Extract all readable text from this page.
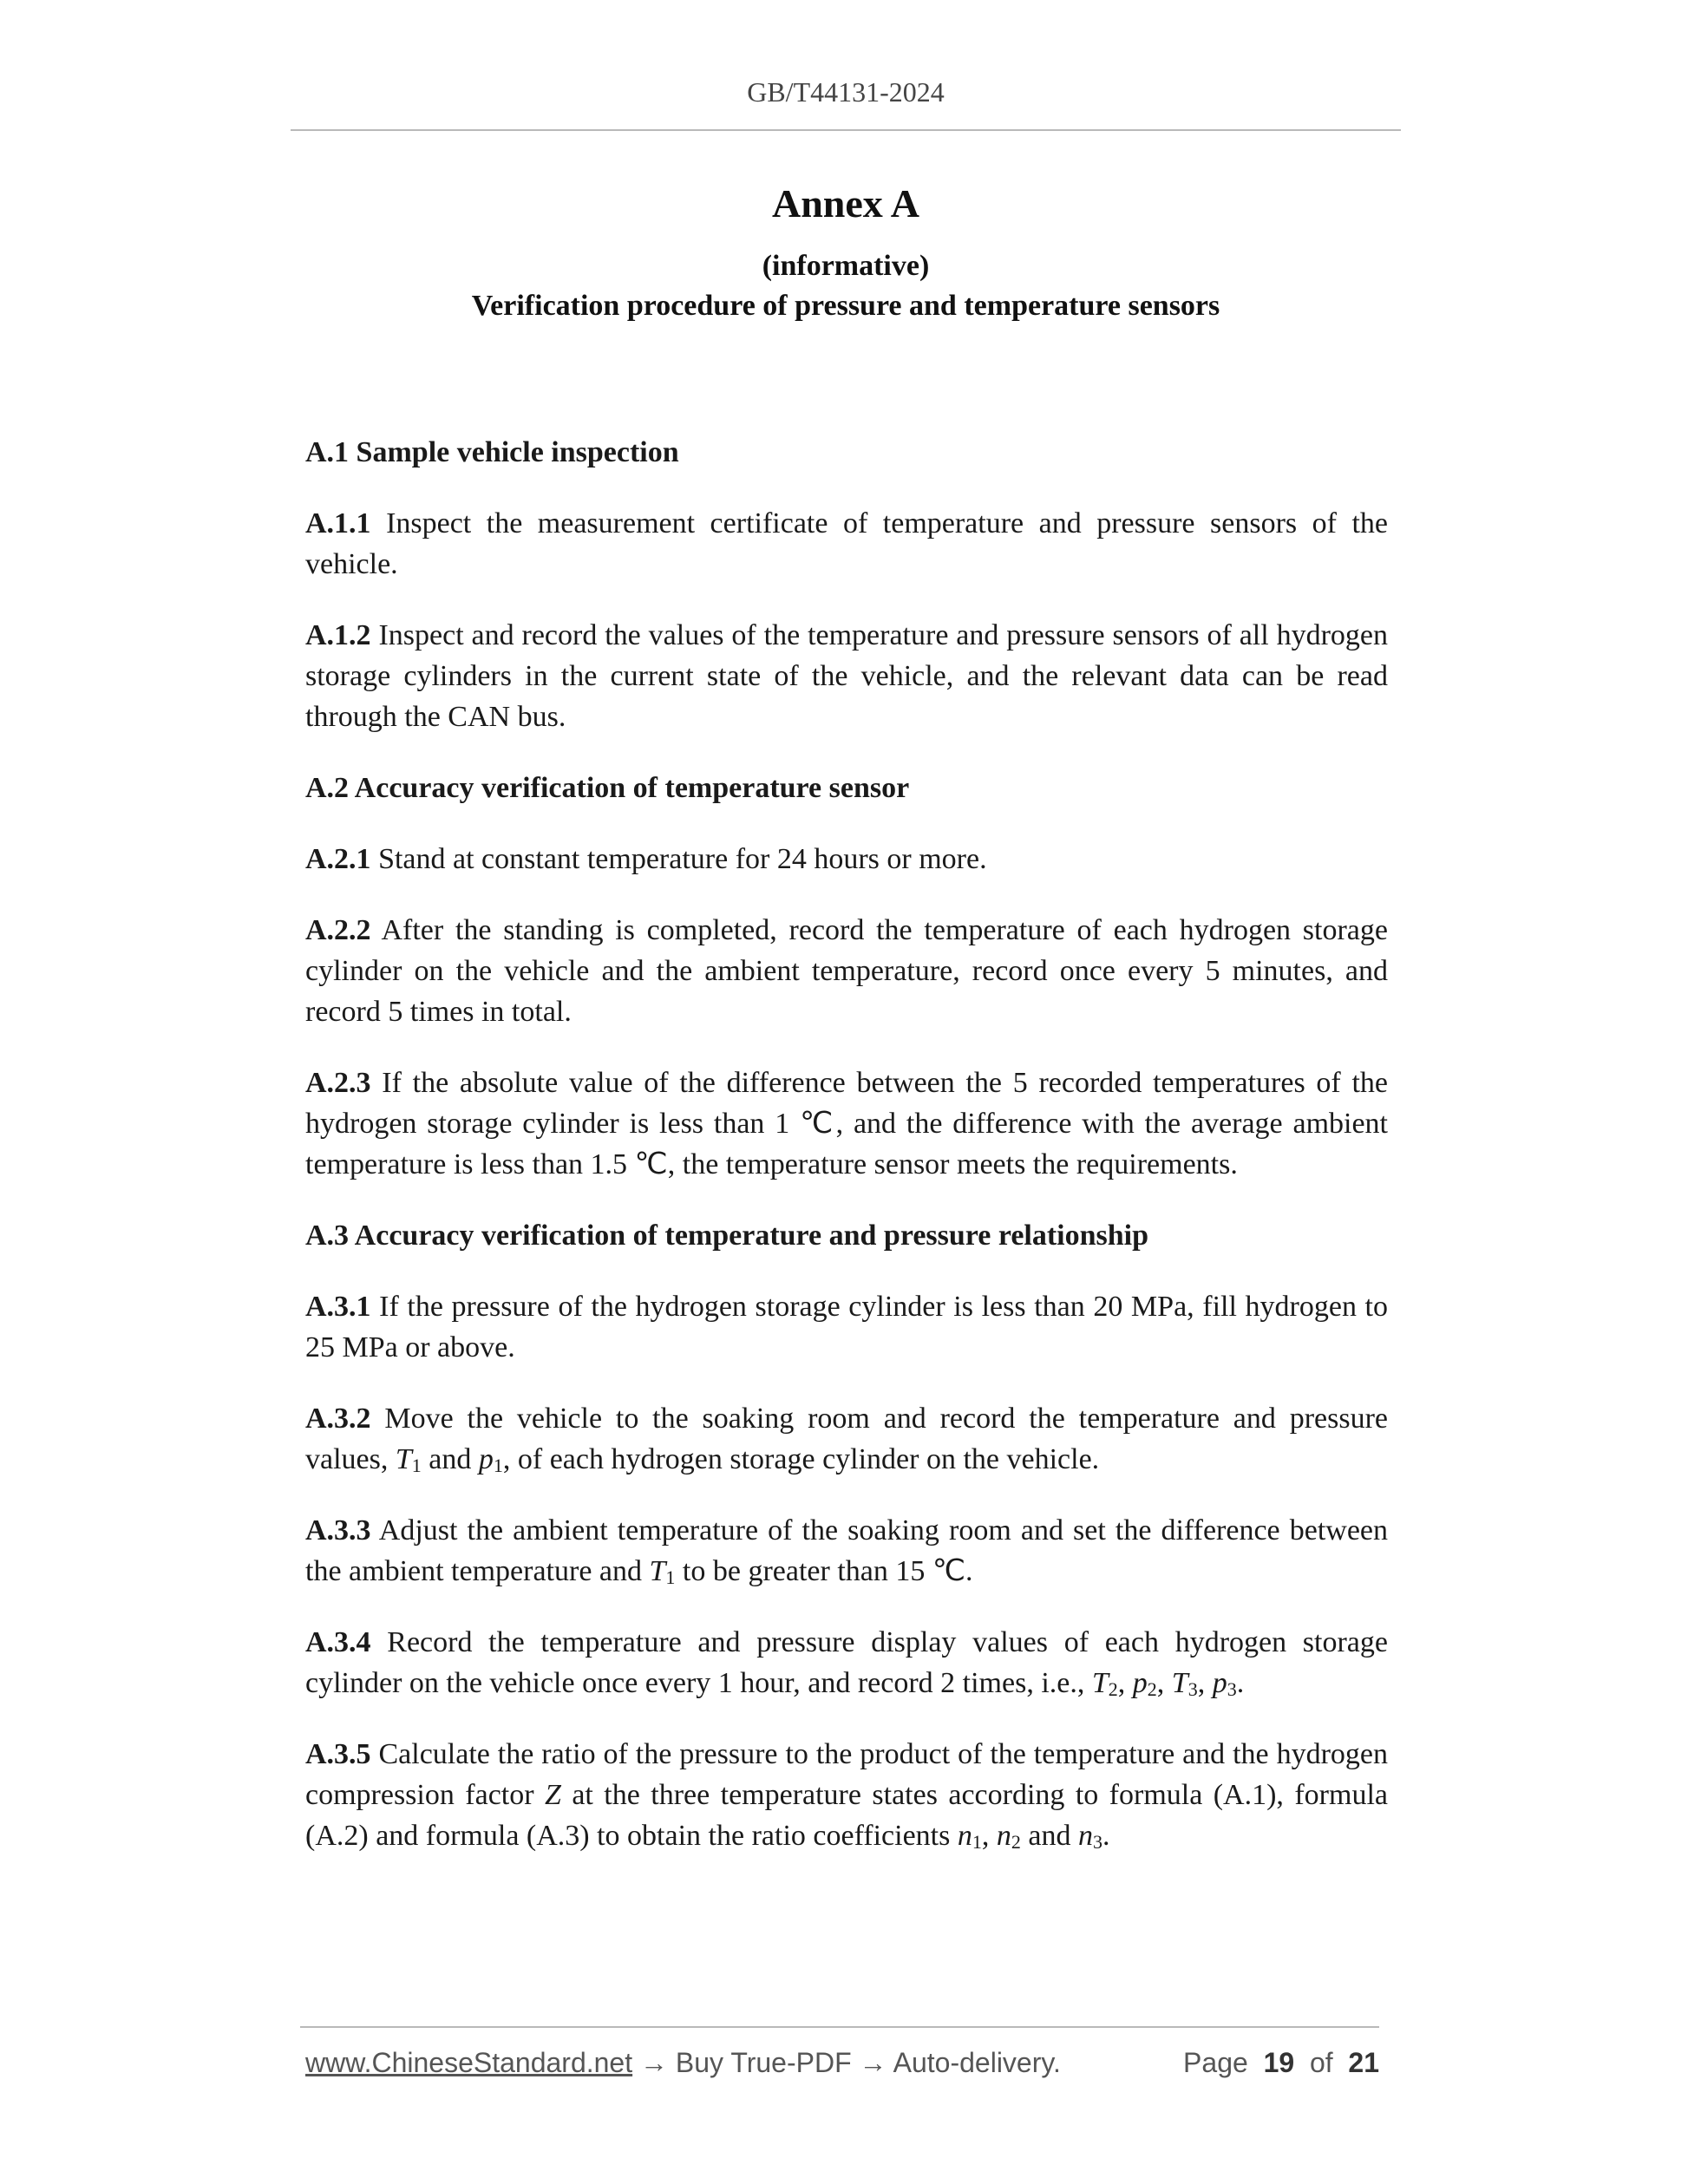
GB/T44131-2024
Annex A
(informative)
Verification procedure of pressure and temperature sensors
A.1 Sample vehicle inspection
A.1.1 Inspect the measurement certificate of temperature and pressure sensors of the vehicle.
A.1.2 Inspect and record the values of the temperature and pressure sensors of all hydrogen storage cylinders in the current state of the vehicle, and the relevant data can be read through the CAN bus.
A.2 Accuracy verification of temperature sensor
A.2.1 Stand at constant temperature for 24 hours or more.
A.2.2 After the standing is completed, record the temperature of each hydrogen storage cylinder on the vehicle and the ambient temperature, record once every 5 minutes, and record 5 times in total.
A.2.3 If the absolute value of the difference between the 5 recorded temperatures of the hydrogen storage cylinder is less than 1 ℃, and the difference with the average ambient temperature is less than 1.5 ℃, the temperature sensor meets the requirements.
A.3 Accuracy verification of temperature and pressure relationship
A.3.1 If the pressure of the hydrogen storage cylinder is less than 20 MPa, fill hydrogen to 25 MPa or above.
A.3.2 Move the vehicle to the soaking room and record the temperature and pressure values, $T_1$ and $p_1$, of each hydrogen storage cylinder on the vehicle.
A.3.3 Adjust the ambient temperature of the soaking room and set the difference between the ambient temperature and $T_1$ to be greater than 15 ℃.
A.3.4 Record the temperature and pressure display values of each hydrogen storage cylinder on the vehicle once every 1 hour, and record 2 times, i.e., $T_2$, $p_2$, $T_3$, $p_3$.
A.3.5 Calculate the ratio of the pressure to the product of the temperature and the hydrogen compression factor Z at the three temperature states according to formula (A.1), formula (A.2) and formula (A.3) to obtain the ratio coefficients $n_1$, $n_2$ and $n_3$.
www.ChineseStandard.net → Buy True-PDF → Auto-delivery.	Page 19 of 21
